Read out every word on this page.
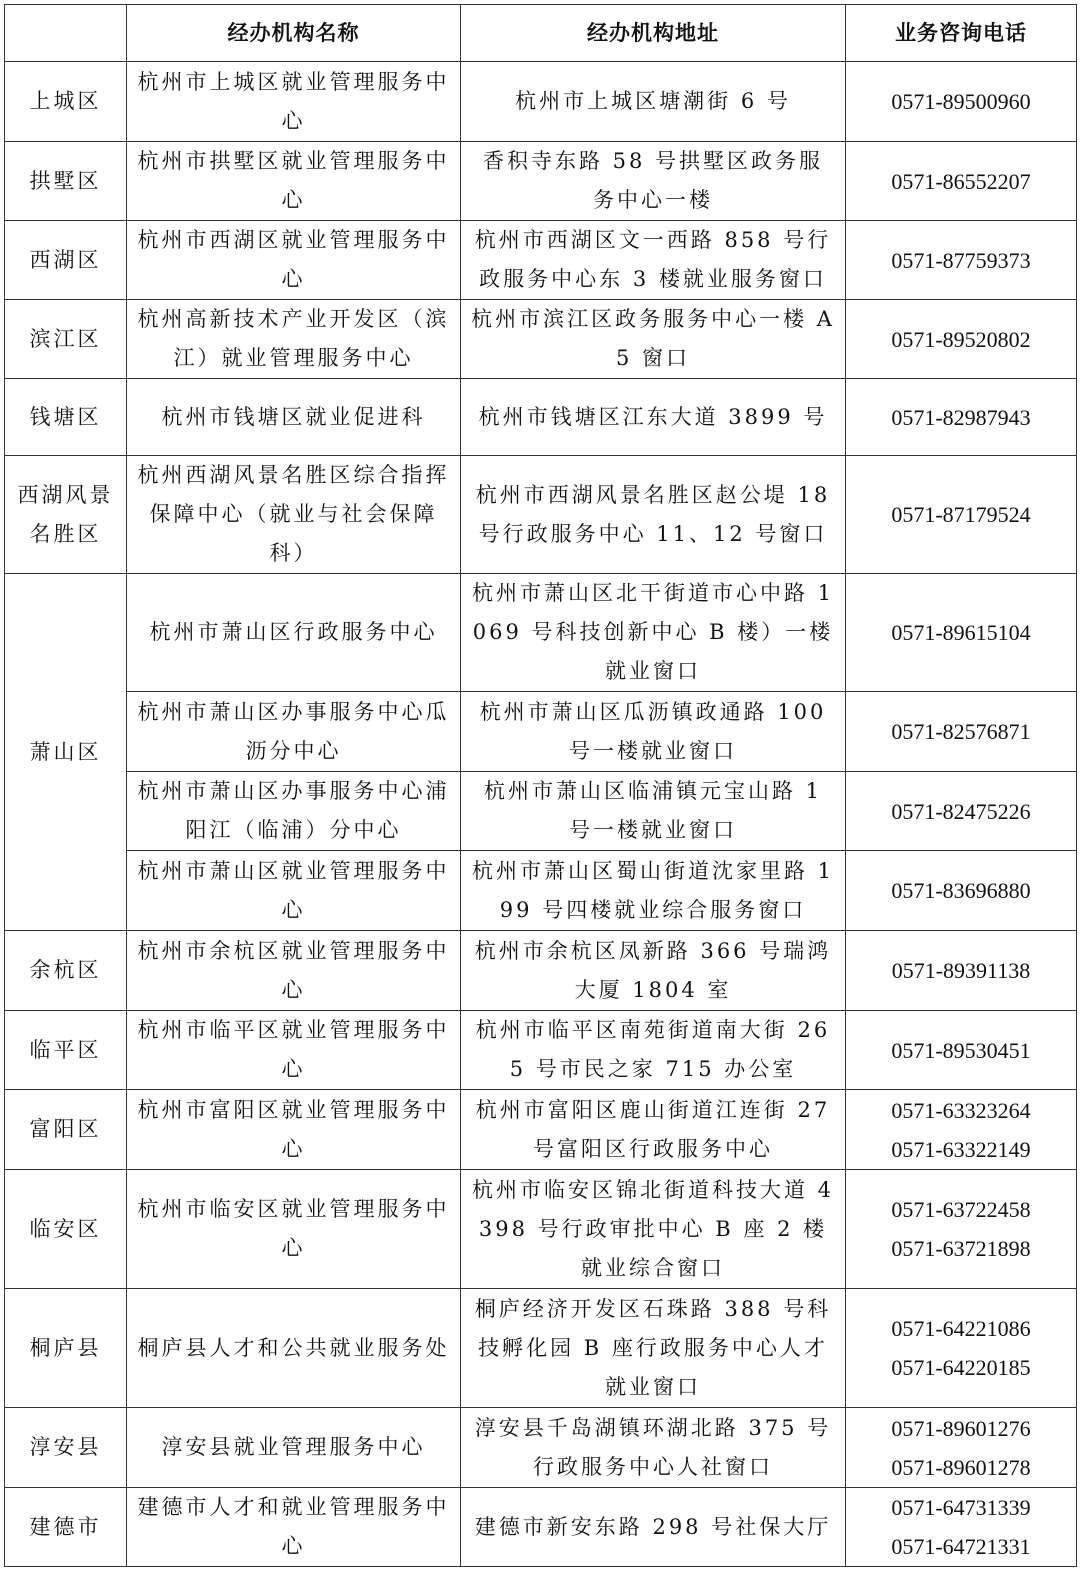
	经办机构名称	经办机构地址	业务咨询电话
上城区	杭州市上城区就业管理服务中心	杭州市上城区塘潮街 6 号	0571-89500960

拱墅区	杭州市拱墅区就业管理服务中心	香积寺东路 58 号拱墅区政务服务中心一楼	0571-86552207

西湖区	杭州市西湖区就业管理服务中心	杭州市西湖区文一西路 858 号行政服务中心东 3 楼就业服务窗口	0571-87759373

滨江区	杭州高新技术产业开发区（滨江）就业管理服务中心	杭州市滨江区政务服务中心一楼 A5 窗口	0571-89520802

钱塘区	杭州市钱塘区就业促进科	杭州市钱塘区江东大道 3899 号	0571-82987943

西湖风景名胜区	杭州西湖风景名胜区综合指挥保障中心（就业与社会保障科）	杭州市西湖风景名胜区赵公堤 18 号行政服务中心 11、12 号窗口	0571-87179524

萧山区	杭州市萧山区行政服务中心	杭州市萧山区北干街道市心中路 1069 号科技创新中心 B 楼）一楼就业窗口	0571-89615104

	杭州市萧山区办事服务中心瓜沥分中心	杭州市萧山区瓜沥镇政通路 100 号一楼就业窗口	0571-82576871

	杭州市萧山区办事服务中心浦阳江（临浦）分中心	杭州市萧山区临浦镇元宝山路 1 号一楼就业窗口	0571-82475226

	杭州市萧山区就业管理服务中心	杭州市萧山区蜀山街道沈家里路 199 号四楼就业综合服务窗口	0571-83696880

余杭区	杭州市余杭区就业管理服务中心	杭州市余杭区凤新路 366 号瑞鸿大厦 1804 室	0571-89391138

临平区	杭州市临平区就业管理服务中心	杭州市临平区南苑街道南大街 265 号市民之家 715 办公室	0571-89530451

富阳区	杭州市富阳区就业管理服务中心	杭州市富阳区鹿山街道江连街 27 号富阳区行政服务中心	0571-63323264
0571-63322149

临安区	杭州市临安区就业管理服务中心	杭州市临安区锦北街道科技大道 4398 号行政审批中心 B 座 2 楼就业综合窗口	0571-63722458
0571-63721898

桐庐县	桐庐县人才和公共就业服务处	桐庐经济开发区石珠路 388 号科技孵化园 B 座行政服务中心人才就业窗口	0571-64221086
0571-64220185

淳安县	淳安县就业管理服务中心	淳安县千岛湖镇环湖北路 375 号行政服务中心人社窗口	0571-89601276
0571-89601278

建德市	建德市人才和就业管理服务中心	建德市新安东路 298 号社保大厅	0571-64731339
0571-64721331
